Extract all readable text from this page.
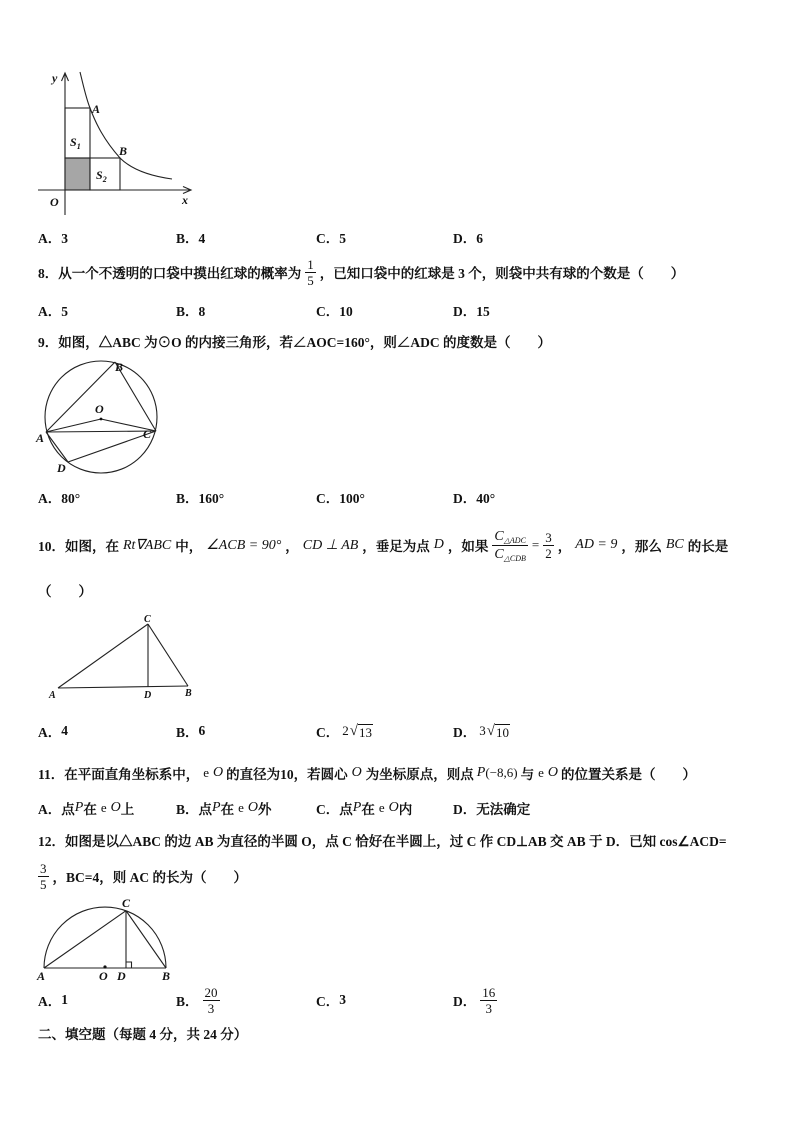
y
x
O
A
B
$S_1$
$S_2$
A．3	B．4	C．5	D．6
8．从一个不透明的口袋中摸出红球的概率为 $\frac{1}{5}$ ，已知口袋中的红球是 3 个，则袋中共有球的个数是（　　）
A．5	B．8	C．10	D．15
9．如图，△ABC 为⊙O 的内接三角形，若∠AOC=160°，则∠ADC 的度数是（　　）
B
O
A	C
D
A．80°	B．160°	C．100°	D．40°
10．如图，在 Rt∇ABC 中， ∠ACB = 90° ， CD ⊥ AB ，垂足为点 D ，如果 $\frac{C_{\triangle ADC}}{C_{\triangle CDB}} = \frac{3}{2}$ ， AD = 9 ，那么 BC 的长是
（　　）
C
A	D	B
A． 4	B． 6	C． 2 √ 13	D． 3 √ 10
11．在平面直角坐标系中， e O 的直径为10，若圆心 O 为坐标原点，则点 P (−8,6) 与 e O 的位置关系是（　　）
A．点 P 在 e O 上	B．点 P 在 e O 外	C．点 P 在 e O 内	D．无法确定
12．如图是以△ABC 的边 AB 为直径的半圆 O，点 C 恰好在半圆上，过 C 作 CD⊥AB 交 AB 于 D．已知 cos∠ACD=
$\frac{3}{5}$ ，BC=4，则 AC 的长为（　　）
C
A	O D	B
A． 1	B． $\frac{20}{3}$	C． 3	D． $\frac{16}{3}$
二、填空题（每题 4 分，共 24 分）
